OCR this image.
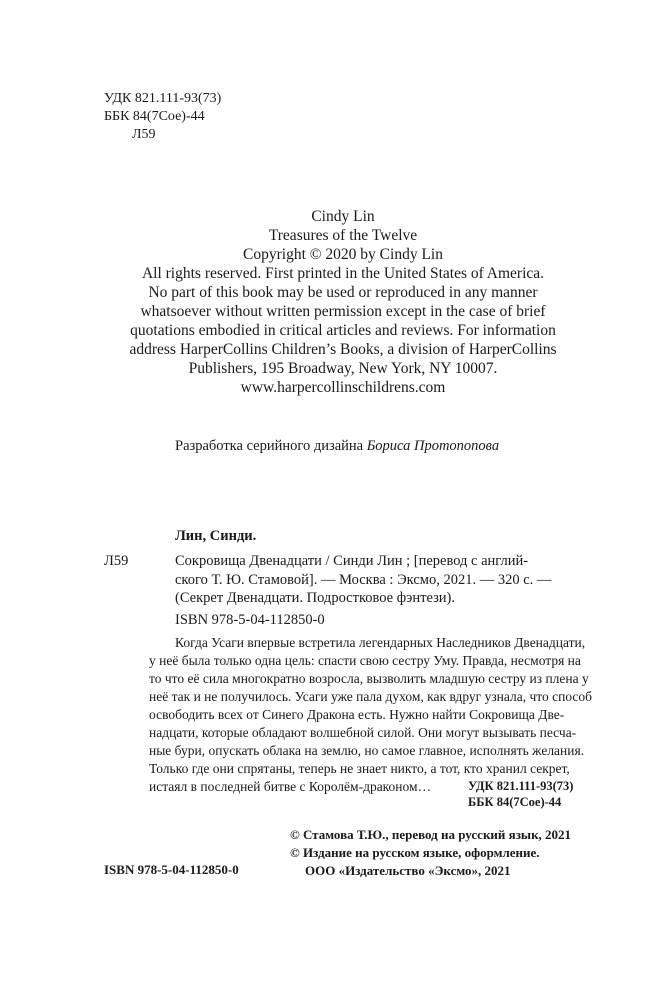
УДК 821.111-93(73)
ББК 84(7Сое)-44
Л59
Cindy Lin
Treasures of the Twelve
Copyright © 2020 by Cindy Lin
All rights reserved. First printed in the United States of America.
No part of this book may be used or reproduced in any manner
whatsoever without written permission except in the case of brief
quotations embodied in critical articles and reviews. For information
address HarperCollins Children’s Books, a division of HarperCollins
Publishers, 195 Broadway, New York, NY 10007.
www.harpercollinschildrens.com
Разработка серийного дизайна Бориса Протопопова
Лин, Синди.
Л59	Сокровища Двенадцати / Синди Лин ; [перевод с англий-
ского Т. Ю. Стамовой]. — Москва : Эксмо, 2021. — 320 с. —
(Секрет Двенадцати. Подростковое фэнтези).
ISBN 978-5-04-112850-0
Когда Усаги впервые встретила легендарных Наследников Двенадцати,
у неё была только одна цель: спасти свою сестру Уму. Правда, несмотря на
то что её сила многократно возросла, вызволить младшую сестру из плена у
неё так и не получилось. Усаги уже пала духом, как вдруг узнала, что способ
освободить всех от Синего Дракона есть. Нужно найти Сокровища Две-
надцати, которые обладают волшебной силой. Они могут вызывать песча-
ные бури, опускать облака на землю, но самое главное, исполнять желания.
Только где они спрятаны, теперь не знает никто, а тот, кто хранил секрет,
истаял в последней битве с Королём-драконом…	УДК 821.111-93(73)
ББК 84(7Сое)-44
© Стамова Т.Ю., перевод на русский язык, 2021
© Издание на русском языке, оформление.
ООО «Издательство «Эксмо», 2021
ISBN 978-5-04-112850-0
